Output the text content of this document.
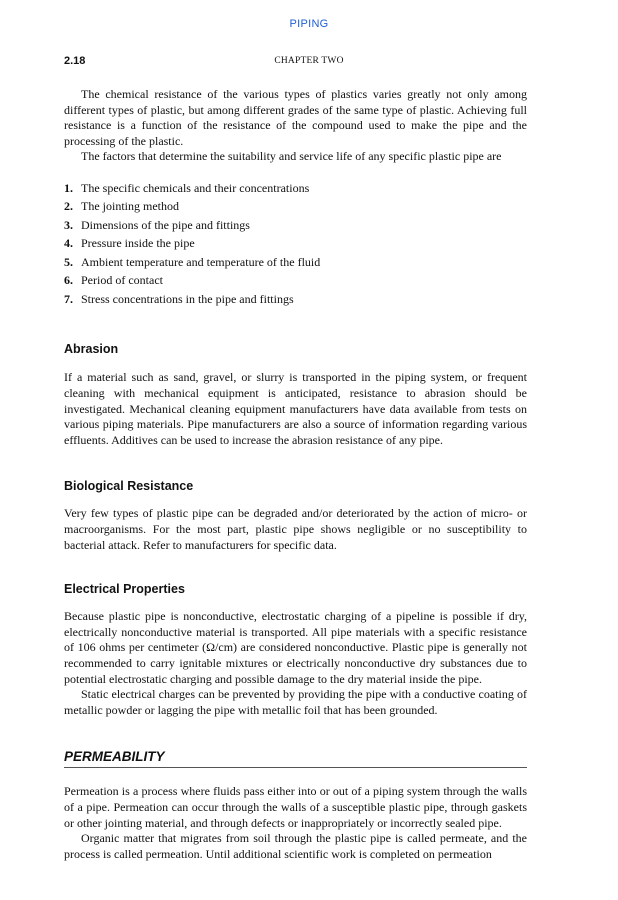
PIPING
2.18	CHAPTER TWO

The chemical resistance of the various types of plastics varies greatly not only among different types of plastic, but among different grades of the same type of plastic. Achieving full resistance is a function of the resistance of the compound used to make the pipe and the processing of the plastic.

The factors that determine the suitability and service life of any specific plastic pipe are

1. The specific chemicals and their concentrations
2. The jointing method
3. Dimensions of the pipe and fittings
4. Pressure inside the pipe
5. Ambient temperature and temperature of the fluid
6. Period of contact
7. Stress concentrations in the pipe and fittings
Abrasion

If a material such as sand, gravel, or slurry is transported in the piping system, or frequent cleaning with mechanical equipment is anticipated, resistance to abrasion should be investigated. Mechanical cleaning equipment manufacturers have data available from tests on various piping materials. Pipe manufacturers are also a source of information regarding various effluents. Additives can be used to increase the abrasion resistance of any pipe.

Biological Resistance

Very few types of plastic pipe can be degraded and/or deteriorated by the action of micro- or macroorganisms. For the most part, plastic pipe shows negligible or no susceptibility to bacterial attack. Refer to manufacturers for specific data.

Electrical Properties

Because plastic pipe is nonconductive, electrostatic charging of a pipeline is possible if dry, electrically nonconductive material is transported. All pipe materials with a specific resistance of 106 ohms per centimeter (Ω/cm) are considered nonconductive. Plastic pipe is generally not recommended to carry ignitable mixtures or electrically nonconductive dry substances due to potential electrostatic charging and possible damage to the dry material inside the pipe.

Static electrical charges can be prevented by providing the pipe with a conductive coating of metallic powder or lagging the pipe with metallic foil that has been grounded.

PERMEABILITY

Permeation is a process where fluids pass either into or out of a piping system through the walls of a pipe. Permeation can occur through the walls of a susceptible plastic pipe, through gaskets or other jointing material, and through defects or inappropriately or incorrectly sealed pipe.

Organic matter that migrates from soil through the plastic pipe is called permeate, and the process is called permeation. Until additional scientific work is completed on permeation
